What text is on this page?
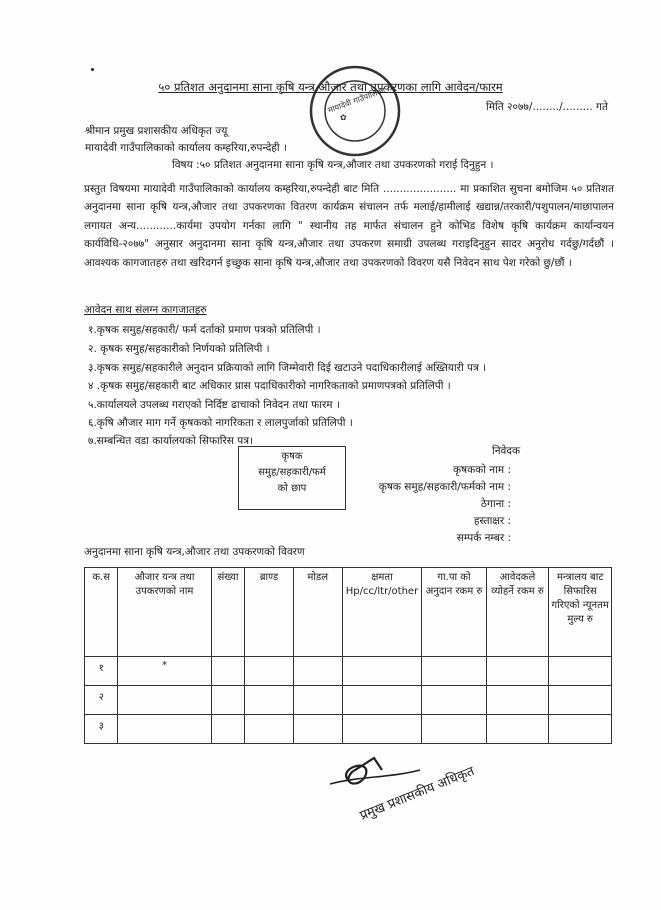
मायादेवी गाउँपालिका
✿
५० प्रतिशत अनुदानमा साना कृषि यन्त्र,औजार तथा उपकरणका लागि आवेदन/फारम
मिति २०७७/......../......... गते
श्रीमान प्रमुख प्रशासकीय अधिकृत ज्यू
मायादेवी गाउँपालिकाको कार्यालय कम्हरिया,रुपन्देही ।
विषय :५० प्रतिशत अनुदानमा साना कृषि यन्त्र,औजार तथा उपकरणको गराई दिनुहुन ।
प्रस्तुत विषयमा मायादेवी गाउँपालिकाको कार्यालय कम्हरिया,रुपन्देही बाट मिति ...................... मा प्रकाशित सुचना बमोजिम ५० प्रतिशत अनुदानमा साना कृषि यन्त्र,औजार तथा उपकरणका वितरण कार्यक्रम संचालन तर्फ मलाई/हामीलाई खद्यान्न/तरकारी/पशुपालन/माछापालन लगायत अन्य............कार्यमा उपयोग गर्नका लागि " स्थानीय तह मार्फत संचालन हुने कोभिड विशेष कृषि कार्यक्रम कार्यान्वयन कार्यविधि-२०७७" अनुसार अनुदानमा साना कृषि यन्त्र,औजार तथा उपकरण समाग्री उपलब्ध गराइदिनुहुन सादर अनुरोध गर्दछु/गर्दछौं ।आवश्यक कागजातहरु तथा खरिदगर्न इच्छुक साना कृषि यन्त्र,औजार तथा उपकरणको विवरण यसै निवेदन साथ पेश गरेको छु/छौं ।
आवेदन साथ संलग्न कागजातहरु
१.कृषक समुह/सहकारी/ फर्म दर्ताको प्रमाण पत्रको प्रतिलिपी ।
२. कृषक समुह/सहकारीको निर्णयको प्रतिलिपी ।
३.कृषक समुह/सहकारीले अनुदान प्रक्रियाको लागि जिम्मेवारी दिई खटाउने पदाधिकारीलाई अख्तियारी पत्र ।
४ .कृषक समुह/सहकारी बाट अधिकार प्रास पदाधिकारीको नागरिकताको प्रमाणपत्रको प्रतिलिपी ।
५.कार्यालयले उपलब्ध गराएको निर्दिष्ट ढाचाको निवेदन तथा फारम ।
६.कृषि औजार माग गर्ने कृषकको नागरिकता र लालपुर्जाको प्रतिलिपी ।
७.सम्बन्धित वडा कार्यालयको सिफारिस पत्र।
कृषक
समुह/सहकारी/फर्म
को छाप
निवेदक
कृषकको नाम :
कृषक समुह/सहकारी/फर्मको नाम :
ठेगाना :
हस्ताक्षर :
सम्पर्क नम्बर :
अनुदानमा साना कृषि यन्त्र,औजार तथा उपकरणको विवरण
क.स	औजार यन्त्र तथा उपकरणको नाम	संख्या	ब्राण्ड	मोडल	क्षमता Hp/cc/ltr/other	गा.पा को अनुदान रकम रु	आवेदकले व्योहर्ने रकम रु	मन्त्रालय बाट सिफारिस गरिएको न्यूनतम मुल्य रु
१	*							
२								
३								
प्रमुख प्रशासकीय अधिकृत
